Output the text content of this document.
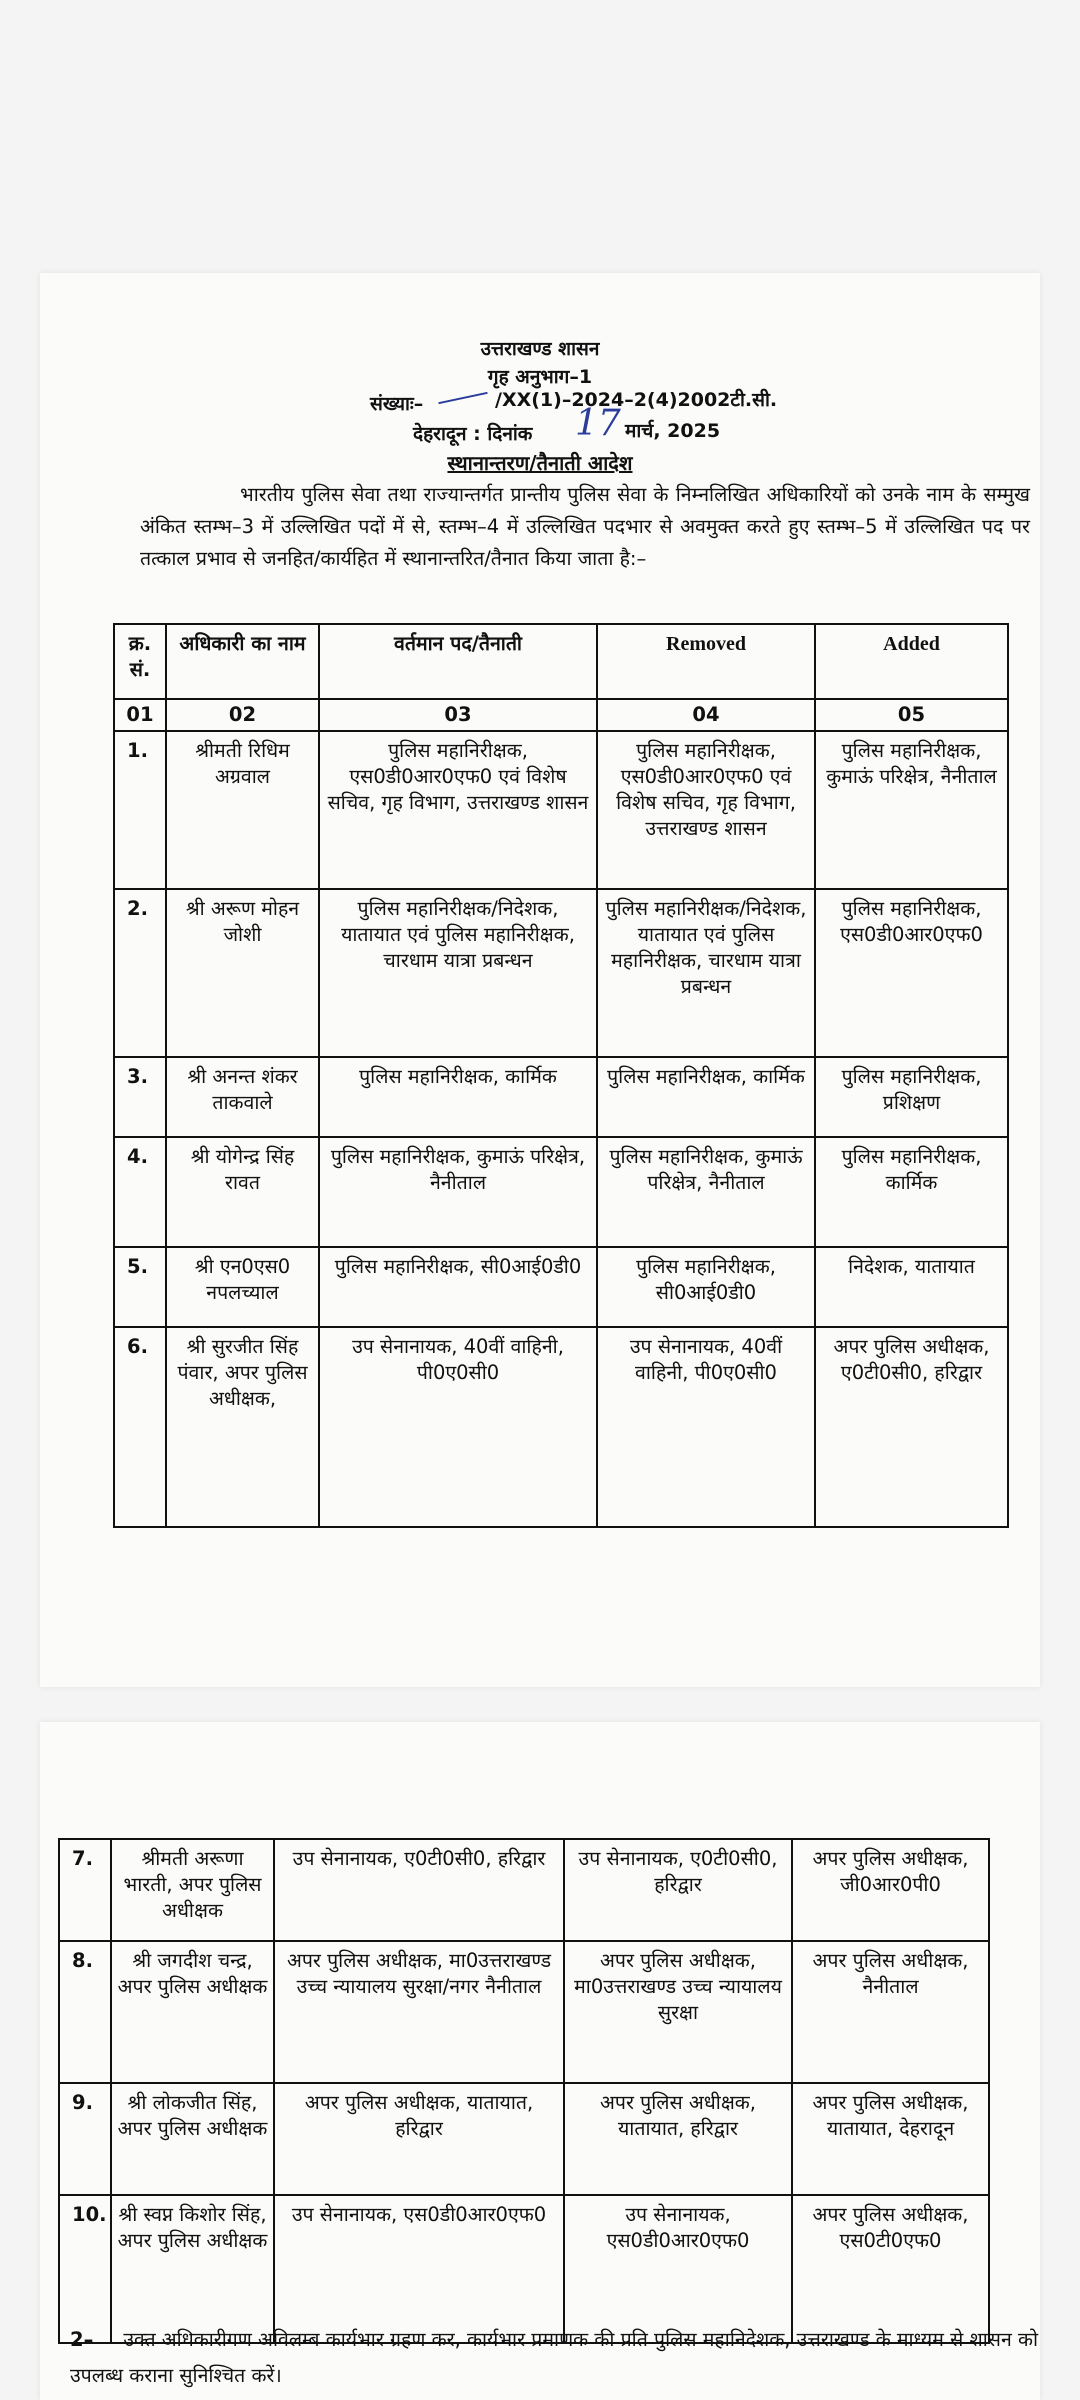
उत्तराखण्ड शासन
गृह अनुभाग–1
संख्याः–	/XX(1)–2024–2(4)2002टी.सी.
देहरादून : दिनांक 17 मार्च, 2025
स्थानान्तरण/तैनाती आदेश
भारतीय पुलिस सेवा तथा राज्यान्तर्गत प्रान्तीय पुलिस सेवा के निम्नलिखित अधिकारियों को उनके नाम के सम्मुख अंकित स्तम्भ–3 में उल्लिखित पदों में से, स्तम्भ–4 में उल्लिखित पदभार से अवमुक्त करते हुए स्तम्भ–5 में उल्लिखित पद पर तत्काल प्रभाव से जनहित/कार्यहित में स्थानान्तरित/तैनात किया जाता है:–
क्र. सं.	अधिकारी का नाम	वर्तमान पद/तैनाती	Removed	Added
01	02	03	04	05
1.	श्रीमती रिधिम अग्रवाल	पुलिस महानिरीक्षक, एस0डी0आर0एफ0 एवं विशेष सचिव, गृह विभाग, उत्तराखण्ड शासन	पुलिस महानिरीक्षक, एस0डी0आर0एफ0 एवं विशेष सचिव, गृह विभाग, उत्तराखण्ड शासन	पुलिस महानिरीक्षक, कुमाऊं परिक्षेत्र, नैनीताल
2.	श्री अरूण मोहन जोशी	पुलिस महानिरीक्षक/निदेशक, यातायात एवं पुलिस महानिरीक्षक, चारधाम यात्रा प्रबन्धन	पुलिस महानिरीक्षक/निदेशक, यातायात एवं पुलिस महानिरीक्षक, चारधाम यात्रा प्रबन्धन	पुलिस महानिरीक्षक, एस0डी0आर0एफ0
3.	श्री अनन्त शंकर ताकवाले	पुलिस महानिरीक्षक, कार्मिक	पुलिस महानिरीक्षक, कार्मिक	पुलिस महानिरीक्षक, प्रशिक्षण
4.	श्री योगेन्द्र सिंह रावत	पुलिस महानिरीक्षक, कुमाऊं परिक्षेत्र, नैनीताल	पुलिस महानिरीक्षक, कुमाऊं परिक्षेत्र, नैनीताल	पुलिस महानिरीक्षक, कार्मिक
5.	श्री एन0एस0 नपलच्याल	पुलिस महानिरीक्षक, सी0आई0डी0	पुलिस महानिरीक्षक, सी0आई0डी0	निदेशक, यातायात
6.	श्री सुरजीत सिंह पंवार, अपर पुलिस अधीक्षक,	उप सेनानायक, 40वीं वाहिनी, पी0ए0सी0	उप सेनानायक, 40वीं वाहिनी, पी0ए0सी0	अपर पुलिस अधीक्षक, ए0टी0सी0, हरिद्वार
7.	श्रीमती अरूणा भारती, अपर पुलिस अधीक्षक	उप सेनानायक, ए0टी0सी0, हरिद्वार	उप सेनानायक, ए0टी0सी0, हरिद्वार	अपर पुलिस अधीक्षक, जी0आर0पी0
8.	श्री जगदीश चन्द्र, अपर पुलिस अधीक्षक	अपर पुलिस अधीक्षक, मा0उत्तराखण्ड उच्च न्यायालय सुरक्षा/नगर नैनीताल	अपर पुलिस अधीक्षक, मा0उत्तराखण्ड उच्च न्यायालय सुरक्षा	अपर पुलिस अधीक्षक, नैनीताल
9.	श्री लोकजीत सिंह, अपर पुलिस अधीक्षक	अपर पुलिस अधीक्षक, यातायात, हरिद्वार	अपर पुलिस अधीक्षक, यातायात, हरिद्वार	अपर पुलिस अधीक्षक, यातायात, देहरादून
10.	श्री स्वप्न किशोर सिंह, अपर पुलिस अधीक्षक	उप सेनानायक, एस0डी0आर0एफ0	उप सेनानायक, एस0डी0आर0एफ0	अपर पुलिस अधीक्षक, एस0टी0एफ0
2– उक्त अधिकारीगण अविलम्ब कार्यभार ग्रहण कर, कार्यभार प्रमाणक की प्रति पुलिस महानिदेशक, उत्तराखण्ड के माध्यम से शासन को उपलब्ध कराना सुनिश्चित करें।
